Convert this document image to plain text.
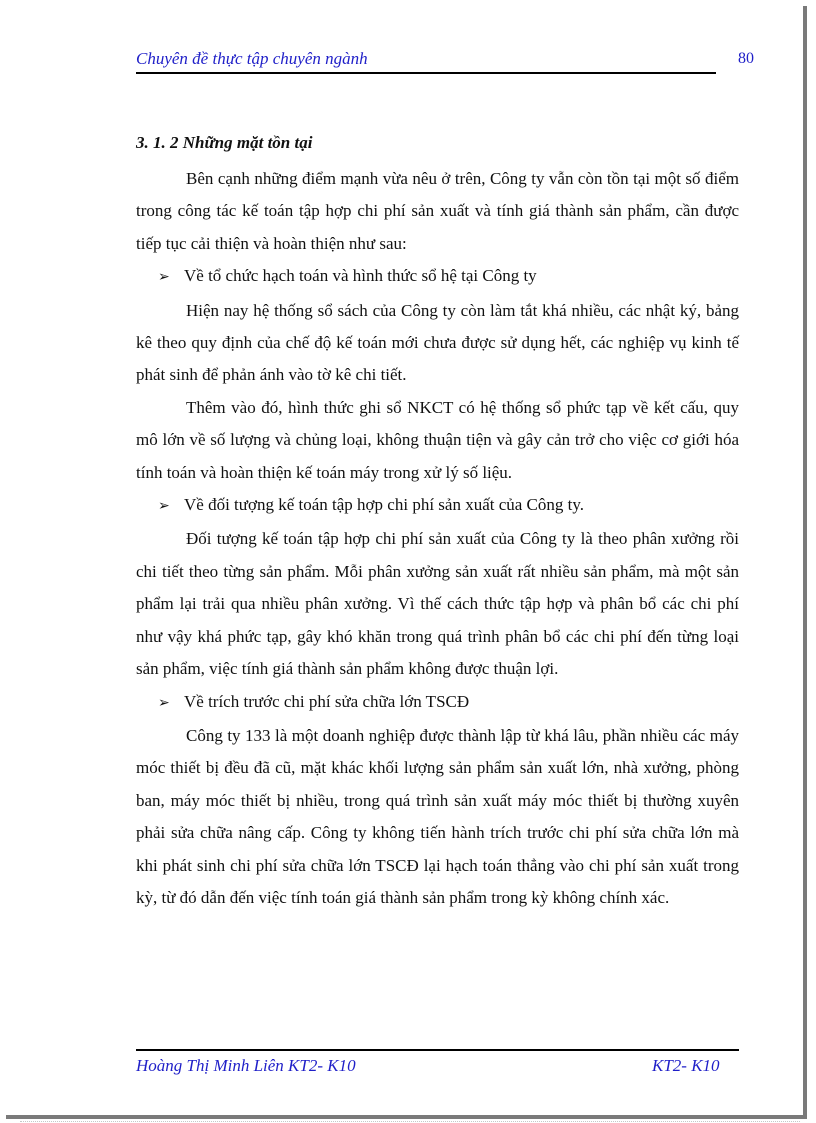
Chuyên đề thực tập chuyên ngành	80
3. 1. 2 Những mặt tồn tại

Bên cạnh những điểm mạnh vừa nêu ở trên, Công ty vẫn còn tồn tại một số điểm trong công tác kế toán tập hợp chi phí sản xuất và tính giá thành sản phẩm, cần được tiếp tục cải thiện và hoàn thiện như sau:

➢ Về tổ chức hạch toán và hình thức sổ hệ tại Công ty

Hiện nay hệ thống sổ sách của Công ty còn làm tắt khá nhiều, các nhật ký, bảng kê theo quy định của chế độ kế toán mới chưa được sử dụng hết, các nghiệp vụ kinh tế phát sinh để phản ánh vào tờ kê chi tiết.

Thêm vào đó, hình thức ghi sổ NKCT có hệ thống sổ phức tạp về kết cấu, quy mô lớn về số lượng và chủng loại, không thuận tiện và gây cản trở cho việc cơ giới hóa tính toán và hoàn thiện kế toán máy trong xử lý số liệu.

➢ Về đối tượng kế toán tập hợp chi phí sản xuất của Công ty.

Đối tượng kế toán tập hợp chi phí sản xuất của Công ty là theo phân xưởng rồi chi tiết theo từng sản phẩm. Mỗi phân xưởng sản xuất rất nhiều sản phẩm, mà một sản phẩm lại trải qua nhiều phân xưởng. Vì thế cách thức tập hợp và phân bổ các chi phí như vậy khá phức tạp, gây khó khăn trong quá trình phân bổ các chi phí đến từng loại sản phẩm, việc tính giá thành sản phẩm không được thuận lợi.

➢ Về trích trước chi phí sửa chữa lớn TSCĐ

Công ty 133 là một doanh nghiệp được thành lập từ khá lâu, phần nhiều các máy móc thiết bị đều đã cũ, mặt khác khối lượng sản phẩm sản xuất lớn, nhà xưởng, phòng ban, máy móc thiết bị nhiều, trong quá trình sản xuất máy móc thiết bị thường xuyên phải sửa chữa nâng cấp. Công ty không tiến hành trích trước chi phí sửa chữa lớn mà khi phát sinh chi phí sửa chữa lớn TSCĐ lại hạch toán thẳng vào chi phí sản xuất trong kỳ, từ đó dẫn đến việc tính toán giá thành sản phẩm trong kỳ không chính xác.

Hoàng Thị Minh Liên KT2- K10	KT2- K10
